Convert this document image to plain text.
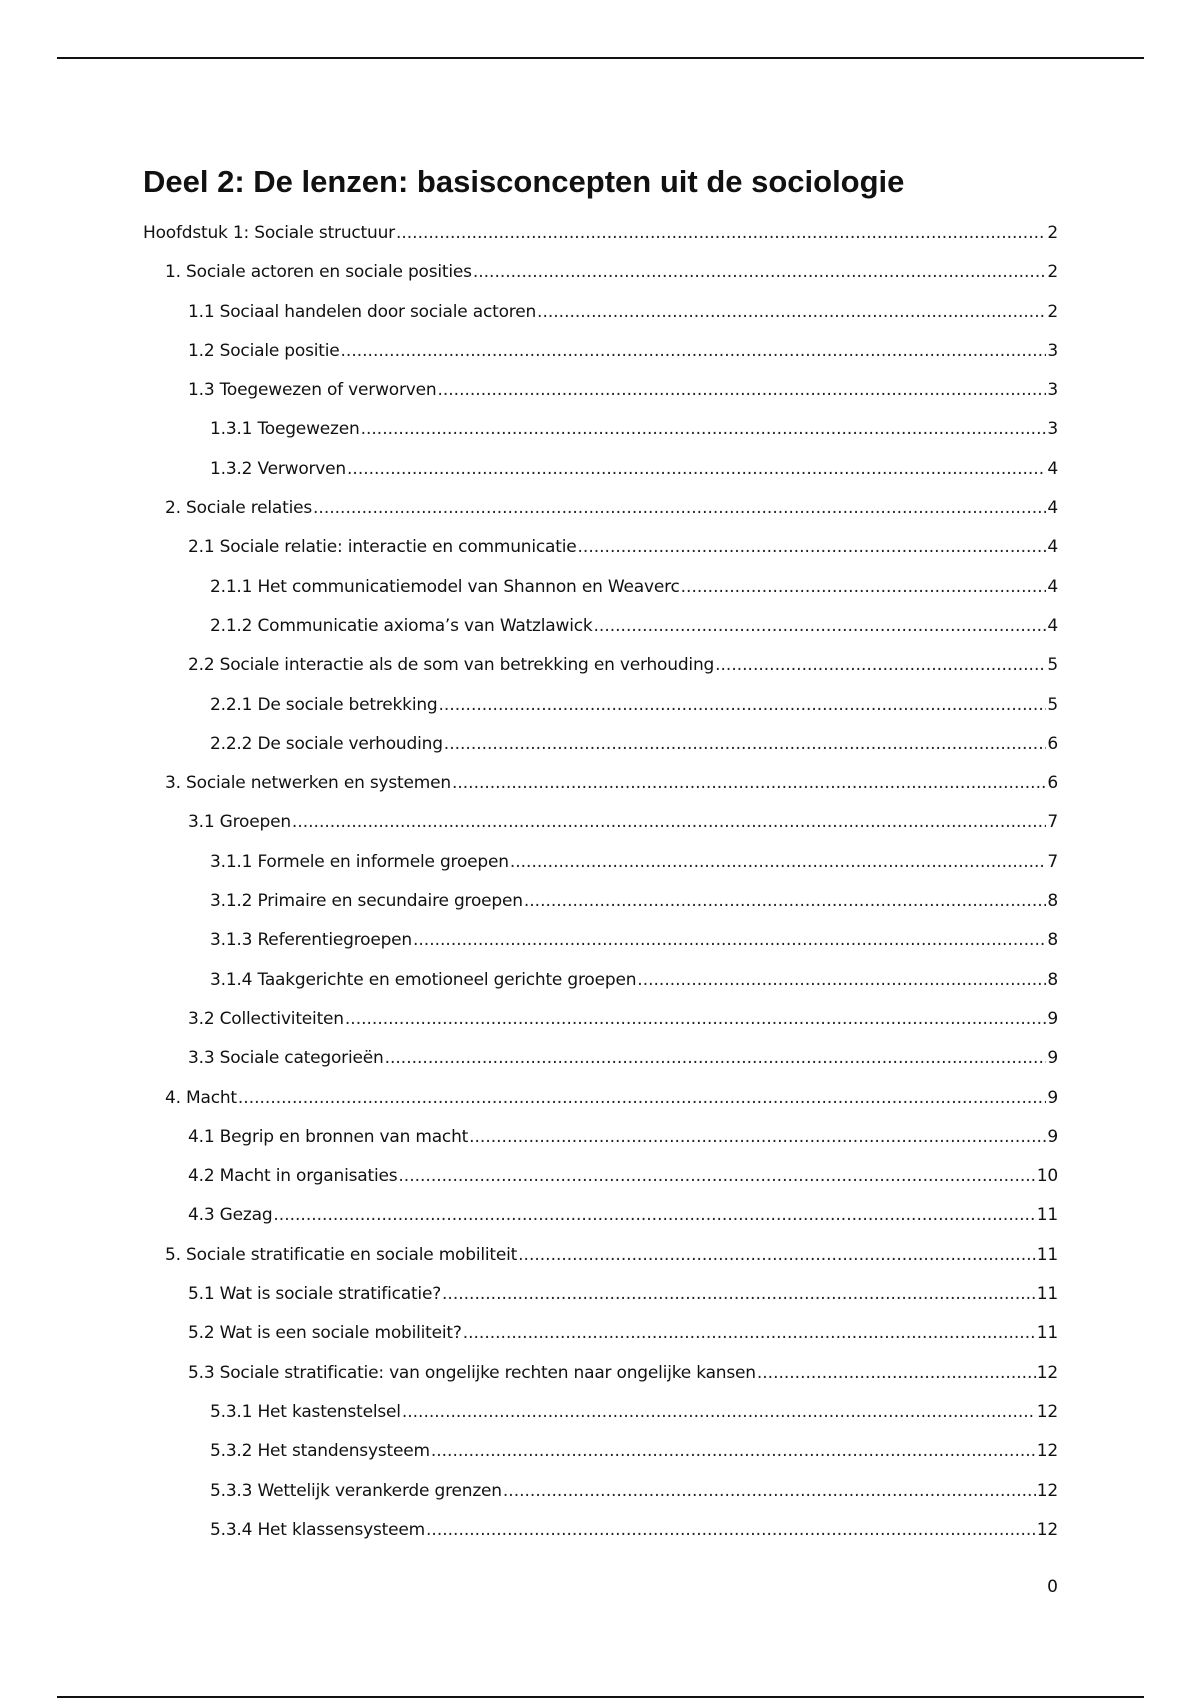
Deel 2: De lenzen: basisconcepten uit de sociologie
Hoofdstuk 1: Sociale structuur .....	2
1. Sociale actoren en sociale posities .....	2
1.1 Sociaal handelen door sociale actoren .....	2
1.2 Sociale positie .....	3
1.3 Toegewezen of verworven .....	3
1.3.1 Toegewezen .....	3
1.3.2 Verworven .....	4
2. Sociale relaties .....	4
2.1 Sociale relatie: interactie en communicatie .....	4
2.1.1 Het communicatiemodel van Shannon en Weaverc .....	4
2.1.2 Communicatie axioma’s van Watzlawick .....	4
2.2 Sociale interactie als de som van betrekking en verhouding .....	5
2.2.1 De sociale betrekking .....	5
2.2.2 De sociale verhouding .....	6
3. Sociale netwerken en systemen .....	6
3.1 Groepen .....	7
3.1.1 Formele en informele groepen .....	7
3.1.2 Primaire en secundaire groepen .....	8
3.1.3 Referentiegroepen .....	8
3.1.4 Taakgerichte en emotioneel gerichte groepen .....	8
3.2 Collectiviteiten .....	9
3.3 Sociale categorieën .....	9
4. Macht .....	9
4.1 Begrip en bronnen van macht .....	9
4.2 Macht in organisaties .....	10
4.3 Gezag .....	11
5. Sociale stratificatie en sociale mobiliteit .....	11
5.1 Wat is sociale stratificatie? .....	11
5.2 Wat is een sociale mobiliteit? .....	11
5.3 Sociale stratificatie: van ongelijke rechten naar ongelijke kansen .....	12
5.3.1 Het kastenstelsel .....	12
5.3.2 Het standensysteem .....	12
5.3.3 Wettelijk verankerde grenzen .....	12
5.3.4 Het klassensysteem .....	12
0
